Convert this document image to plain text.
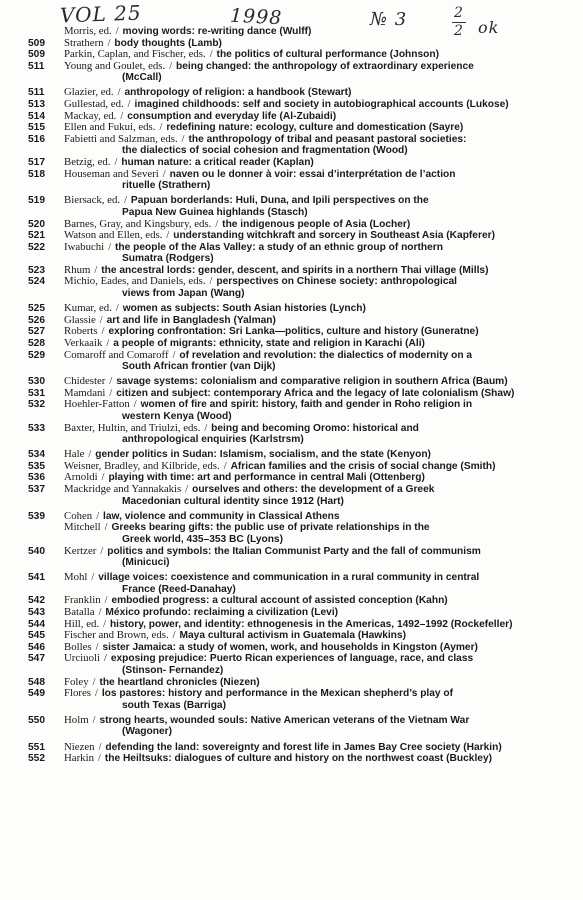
VOL 25	1998	№ 3	2
2 ok
Morris, ed. / moving words: re-writing dance (Wulff)
509	Strathern / body thoughts (Lamb)
509	Parkin, Caplan, and Fischer, eds. / the politics of cultural performance (Johnson)
511	Young and Goulet, eds. / being changed: the anthropology of extraordinary experience
(McCall)
511	Glazier, ed. / anthropology of religion: a handbook (Stewart)
513	Gullestad, ed. / imagined childhoods: self and society in autobiographical accounts (Lukose)
514	Mackay, ed. / consumption and everyday life (Al-Zubaidi)
515	Ellen and Fukui, eds. / redefining nature: ecology, culture and domestication (Sayre)
516	Fabietti and Salzman, eds. / the anthropology of tribal and peasant pastoral societies:
the dialectics of social cohesion and fragmentation (Wood)
517	Betzig, ed. / human nature: a critical reader (Kaplan)
518	Houseman and Severi / naven ou le donner à voir: essai d’interprétation de l’action
rituelle (Strathern)
519	Biersack, ed. / Papuan borderlands: Huli, Duna, and Ipili perspectives on the
Papua New Guinea highlands (Stasch)
520	Barnes, Gray, and Kingsbury, eds. / the indigenous people of Asia (Locher)
521	Watson and Ellen, eds. / understanding witchkraft and sorcery in Southeast Asia (Kapferer)
522	Iwabuchi / the people of the Alas Valley: a study of an ethnic group of northern
Sumatra (Rodgers)
523	Rhum / the ancestral lords: gender, descent, and spirits in a northern Thai village (Mills)
524	Michio, Eades, and Daniels, eds. / perspectives on Chinese society: anthropological
views from Japan (Wang)
525	Kumar, ed. / women as subjects: South Asian histories (Lynch)
526	Glassie / art and life in Bangladesh (Yalman)
527	Roberts / exploring confrontation: Sri Lanka—politics, culture and history (Guneratne)
528	Verkaaik / a people of migrants: ethnicity, state and religion in Karachi (Ali)
529	Comaroff and Comaroff / of revelation and revolution: the dialectics of modernity on a
South African frontier (van Dijk)
530	Chidester / savage systems: colonialism and comparative religion in southern Africa (Baum)
531	Mamdani / citizen and subject: contemporary Africa and the legacy of late colonialism (Shaw)
532	Hoehler-Fatton / women of fire and spirit: history, faith and gender in Roho religion in
western Kenya (Wood)
533	Baxter, Hultin, and Triulzi, eds. / being and becoming Oromo: historical and
anthropological enquiries (Karlstrsm)
534	Hale / gender politics in Sudan: Islamism, socialism, and the state (Kenyon)
535	Weisner, Bradley, and Kilbride, eds. / African families and the crisis of social change (Smith)
536	Arnoldi / playing with time: art and performance in central Mali (Ottenberg)
537	Mackridge and Yannakakis / ourselves and others: the development of a Greek
Macedonian cultural identity since 1912 (Hart)
539	Cohen / law, violence and community in Classical Athens
Mitchell / Greeks bearing gifts: the public use of private relationships in the
Greek world, 435–353 BC (Lyons)
540	Kertzer / politics and symbols: the Italian Communist Party and the fall of communism
(Minicuci)
541	Mohl / village voices: coexistence and communication in a rural community in central
France (Reed-Danahay)
542	Franklin / embodied progress: a cultural account of assisted conception (Kahn)
543	Batalla / México profundo: reclaiming a civilization (Levi)
544	Hill, ed. / history, power, and identity: ethnogenesis in the Americas, 1492–1992 (Rockefeller)
545	Fischer and Brown, eds. / Maya cultural activism in Guatemala (Hawkins)
546	Bolles / sister Jamaica: a study of women, work, and households in Kingston (Aymer)
547	Urciuoli / exposing prejudice: Puerto Rican experiences of language, race, and class
(Stinson- Fernandez)
548	Foley / the heartland chronicles (Niezen)
549	Flores / los pastores: history and performance in the Mexican shepherd’s play of
south Texas (Barriga)
550	Holm / strong hearts, wounded souls: Native American veterans of the Vietnam War
(Wagoner)
551	Niezen / defending the land: sovereignty and forest life in James Bay Cree society (Harkin)
552	Harkin / the Heiltsuks: dialogues of culture and history on the northwest coast (Buckley)
